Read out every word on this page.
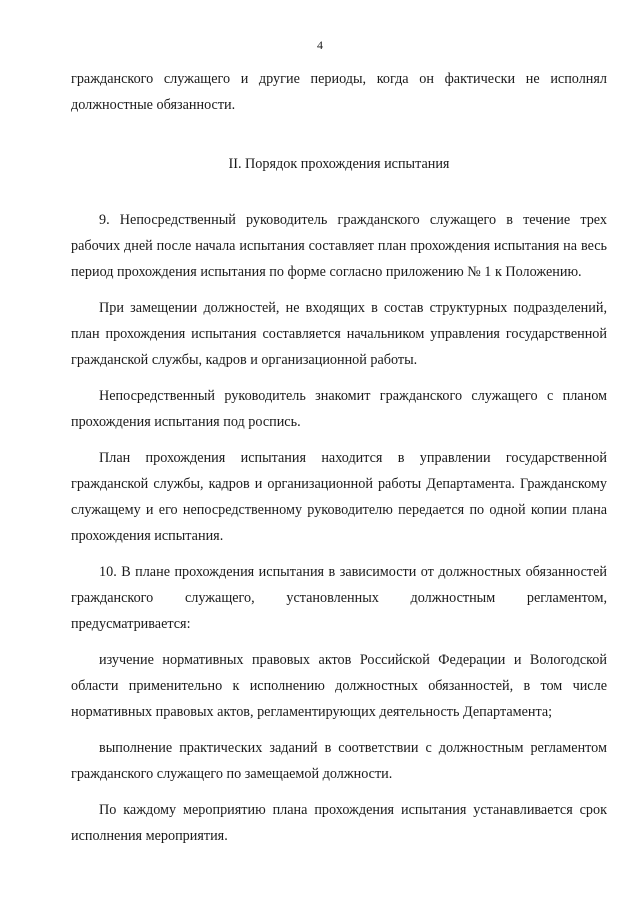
4

гражданского служащего и другие периоды, когда он фактически не исполнял должностные обязанности.

II. Порядок прохождения испытания

9. Непосредственный руководитель гражданского служащего в течение трех рабочих дней после начала испытания составляет план прохождения испытания на весь период прохождения испытания по форме согласно приложению № 1 к Положению.

При замещении должностей, не входящих в состав структурных подразделений, план прохождения испытания составляется начальником управления государственной гражданской службы, кадров и организационной работы.

Непосредственный руководитель знакомит гражданского служащего с планом прохождения испытания под роспись.

План прохождения испытания находится в управлении государственной гражданской службы, кадров и организационной работы Департамента. Гражданскому служащему и его непосредственному руководителю передается по одной копии плана прохождения испытания.

10. В плане прохождения испытания в зависимости от должностных обязанностей гражданского служащего, установленных должностным регламентом, предусматривается:

изучение нормативных правовых актов Российской Федерации и Вологодской области применительно к исполнению должностных обязанностей, в том числе нормативных правовых актов, регламентирующих деятельность Департамента;

выполнение практических заданий в соответствии с должностным регламентом гражданского служащего по замещаемой должности.

По каждому мероприятию плана прохождения испытания устанавливается срок исполнения мероприятия.
